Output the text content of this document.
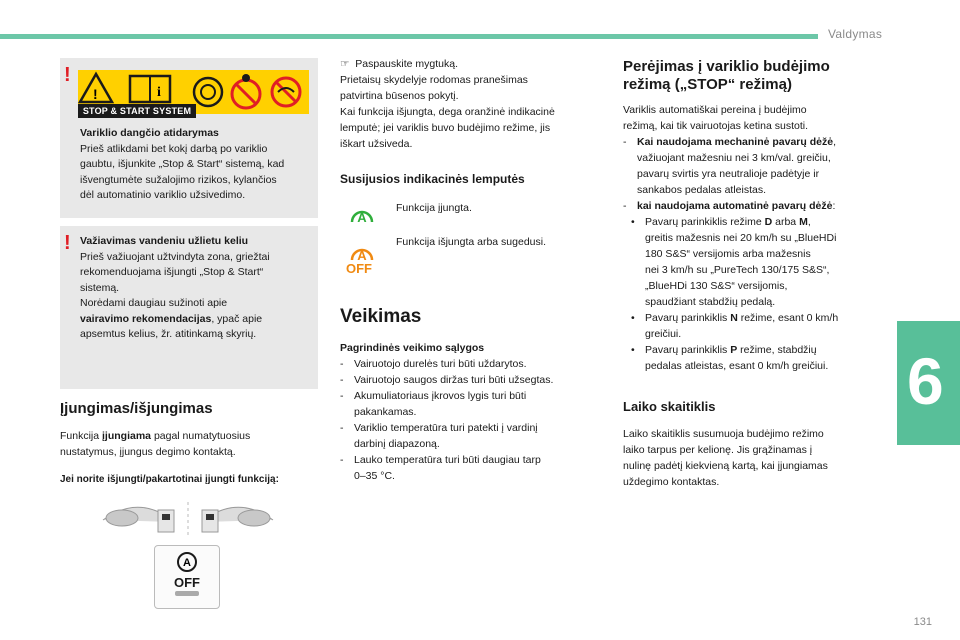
Valdymas
6
131
!
!	i
STOP & START SYSTEM
Variklio dangčio atidarymas
Prieš atlikdami bet kokį darbą po variklio
gaubtu, išjunkite „Stop & Start“ sistemą, kad
išvengtumėte sužalojimo rizikos, kylančios
dėl automatinio variklio užsivedimo.
! Važiavimas vandeniu užlietu keliu
Prieš važiuojant užtvindyta zona, griežtai
rekomenduojama išjungti „Stop & Start“
sistemą.
Norėdami daugiau sužinoti apie
vairavimo rekomendacijas, ypač apie
apsemtus kelius, žr. atitinkamą skyrių.
Įjungimas/išjungimas
Funkcija įjungiama pagal numatytuosius
nustatymus, įjungus degimo kontaktą.
Jei norite išjungti/pakartotinai įjungti funkciją:
A
OFF
☞ Paspauskite mygtuką.
Prietaisų skydelyje rodomas pranešimas
patvirtina būsenos pokytį.
Kai funkcija išjungta, dega oranžinė indikacinė
lemputė; jei variklis buvo budėjimo režime, jis
iškart užsiveda.
Susijusios indikacinės lemputės
A
Funkcija įjungta.
A
OFF
Funkcija išjungta arba sugedusi.
Veikimas
Pagrindinės veikimo sąlygos
-	Vairuotojo durelės turi būti uždarytos.
-	Vairuotojo saugos diržas turi būti užsegtas.
-	Akumuliatoriaus įkrovos lygis turi būti
pakankamas.
-	Variklio temperatūra turi patekti į vardinį
darbinį diapazoną.
-	Lauko temperatūra turi būti daugiau tarp
0–35 °C.
Perėjimas į variklio budėjimo
režimą („STOP“ režimą)
Variklis automatiškai pereina į budėjimo
režimą, kai tik vairuotojas ketina sustoti.
-	Kai naudojama mechaninė pavarų dėžė,
važiuojant mažesniu nei 3 km/val. greičiu,
pavarų svirtis yra neutralioje padėtyje ir
sankabos pedalas atleistas.
-	kai naudojama automatinė pavarų dėžė:
• Pavarų parinkiklis režime D arba M,
greitis mažesnis nei 20 km/h su „BlueHDi
180 S&S“ versijomis arba mažesnis
nei 3 km/h su „PureTech 130/175 S&S“,
„BlueHDi 130 S&S“ versijomis,
spaudžiant stabdžių pedalą.
• Pavarų parinkiklis N režime, esant 0 km/h
greičiui.
• Pavarų parinkiklis P režime, stabdžių
pedalas atleistas, esant 0 km/h greičiui.
Laiko skaitiklis
Laiko skaitiklis susumuoja budėjimo režimo
laiko tarpus per kelionę. Jis grąžinamas į
nulinę padėtį kiekvieną kartą, kai įjungiamas
uždegimo kontaktas.
